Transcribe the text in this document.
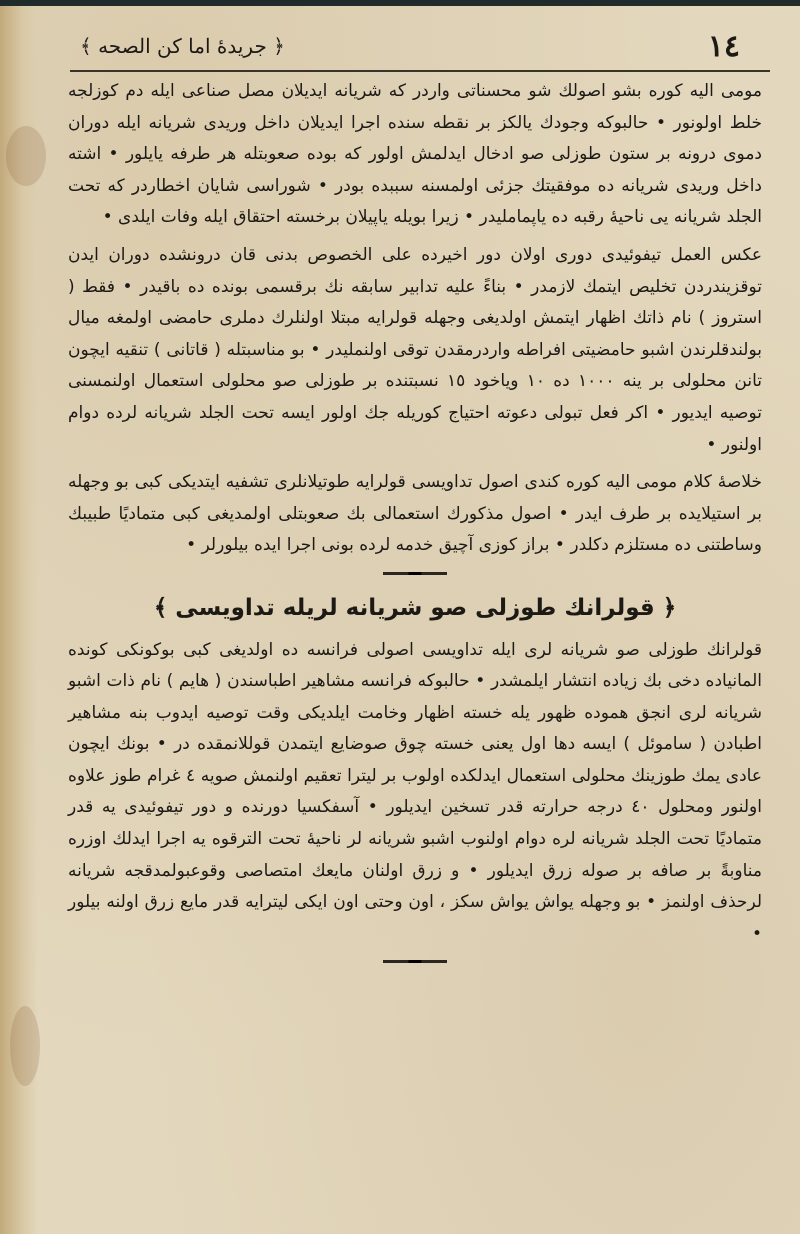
﴿ جريدهٔ اما كن الصحه ﴾	١٤

مومى اليه كوره بشو اصولك شو محسناتى واردر كه شريانه ايديلان مصل صناعى ايله دم كوزلجه خلط اولونور • حالبوكه وجودك يالكز بر نقطه سنده اجرا ايديلان داخل وريدى شريانه ايله دوران دموى درونه بر ستون طوزلى صو ادخال ايدلمش اولور كه بوده صعوبتله هر طرفه يايلور • اشته داخل وريدى شريانه ده موفقيتك جزئى اولمسنه سببده بودر • شوراسى شايان اخطاردر كه تحت الجلد شريانه يى ناحيهٔ رقبه ده ياپمامليدر • زيرا بويله ياپيلان برخسته احتقاق ايله وفات ايلدى •

عكس العمل تيفوئيدى دورى اولان دور اخيرده على الخصوص بدنى قان درونشده دوران ايدن توقزيندردن تخليص ايتمك لازمدر • بناءً عليه تدابير سابقه نك برقسمى بونده ده باقيدر • فقط ( استروز ) نام ذاتك اظهار ايتمش اولديغى وجهله قولرايه مبتلا اولنلرك دملرى حامضى اولمغه ميال بولندقلرندن اشبو حامضيتى افراطه واردرمقدن توقى اولنمليدر • بو مناسبتله ( قاتانى ) تنقيه ايچون تانن محلولى بر ينه ١٠٠٠ ده ١٠ وياخود ١٥ نسبتنده بر طوزلى صو محلولى استعمال اولنمسنى توصيه ايديور • اكر فعل تبولى دعوته احتياج كوريله جك اولور ايسه تحت الجلد شريانه لرده دوام اولنور •

خلاصهٔ كلام مومى اليه كوره كندى اصول تداويسى قولرايه طوتيلانلرى تشفيه ايتديكى كبى بو وجهله بر استيلايده بر طرف ايدر • اصول مذكورك استعمالى بك صعوبتلى اولمديغى كبى متماديًا طبيبك وساطتنى ده مستلزم دكلدر • براز كوزى آچيق خدمه لرده بونى اجرا ايده بيلورلر •

﴿ قولرانك طوزلى صو شريانه لريله تداويسى ﴾

قولرانك طوزلى صو شريانه لرى ايله تداويسى اصولى فرانسه ده اولديغى كبى بوكونكى كونده المانياده دخى بك زياده انتشار ايلمشدر • حالبوكه فرانسه مشاهير اطباسندن ( هايم ) نام ذات اشبو شريانه لرى انجق هموده ظهور يله خسته اظهار وخامت ايلديكى وقت توصيه ايدوب بنه مشاهير اطبادن ( ساموئل ) ايسه دها اول يعنى خسته چوق صوضايع ايتمدن قوللانمقده در • بونك ايچون عادى يمك طوزينك محلولى استعمال ايدلكده اولوب بر ليترا تعقيم اولنمش صويه ٤ غرام طوز علاوه اولنور ومحلول ٤٠ درجه حرارته قدر تسخين ايديلور • آسفكسيا دورنده و دور تيفوئيدى يه قدر متماديًا تحت الجلد شريانه لره دوام اولنوب اشبو شريانه لر ناحيهٔ تحت الترقوه يه اجرا ايدلك اوزره مناوبةً بر صافه بر صوله زرق ايديلور • و زرق اولنان مايعك امتصاصى وقوعبولمدقجه شريانه لرحذف اولنمز • بو وجهله يواش يواش سكز ، اون وحتى اون ايكى ليترايه قدر مايع زرق اولنه بيلور •
